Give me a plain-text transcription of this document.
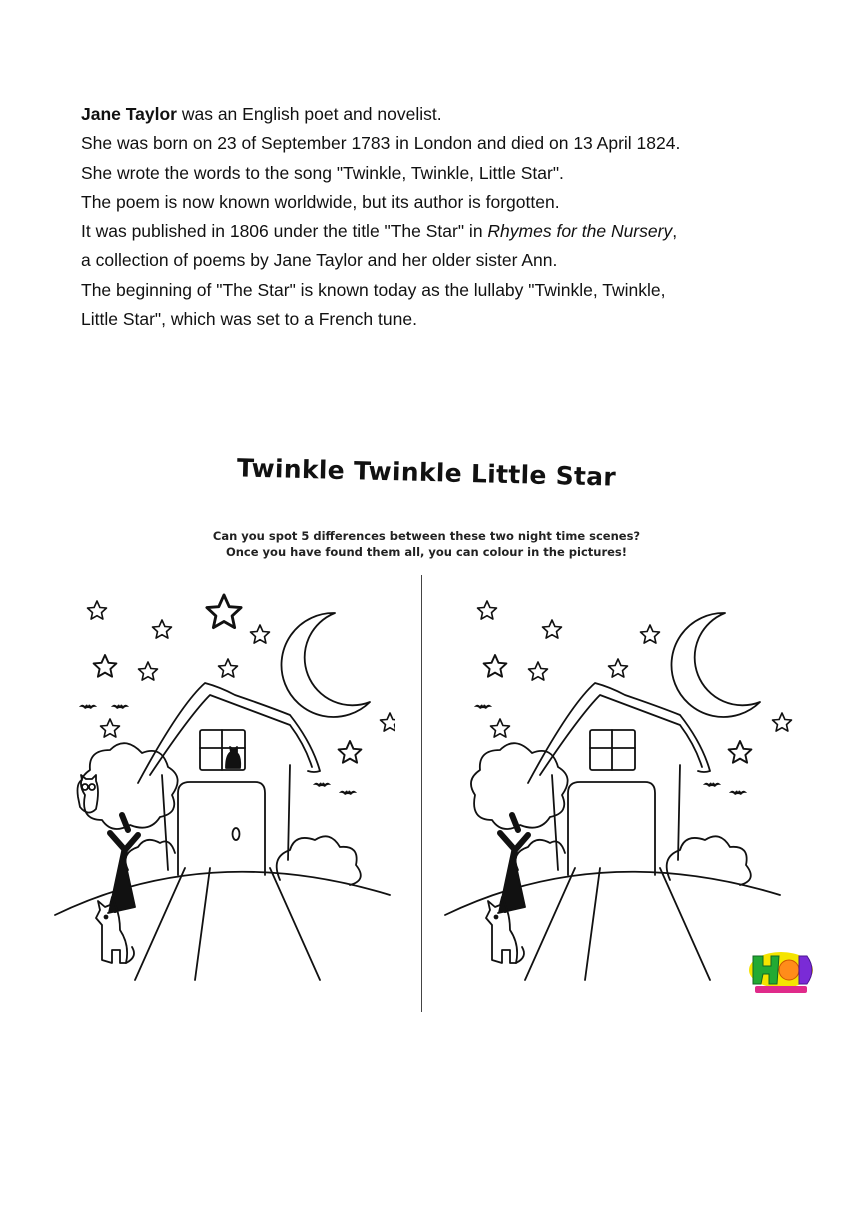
Jane Taylor was an English poet and novelist.

She was born on 23 of September 1783 in London and died on 13 April 1824.

She wrote the words to the song "Twinkle, Twinkle, Little Star".

The poem is now known worldwide, but its author is forgotten.

It was published in 1806 under the title "The Star" in Rhymes for the Nursery,

a collection of poems by Jane Taylor and her older sister Ann.

The beginning of "The Star" is known today as the lullaby "Twinkle, Twinkle,

Little Star", which was set to a French tune.

Twinkle Twinkle Little Star

Can you spot 5 differences between these two night time scenes?

Once you have found them all, you can colour in the pictures!
